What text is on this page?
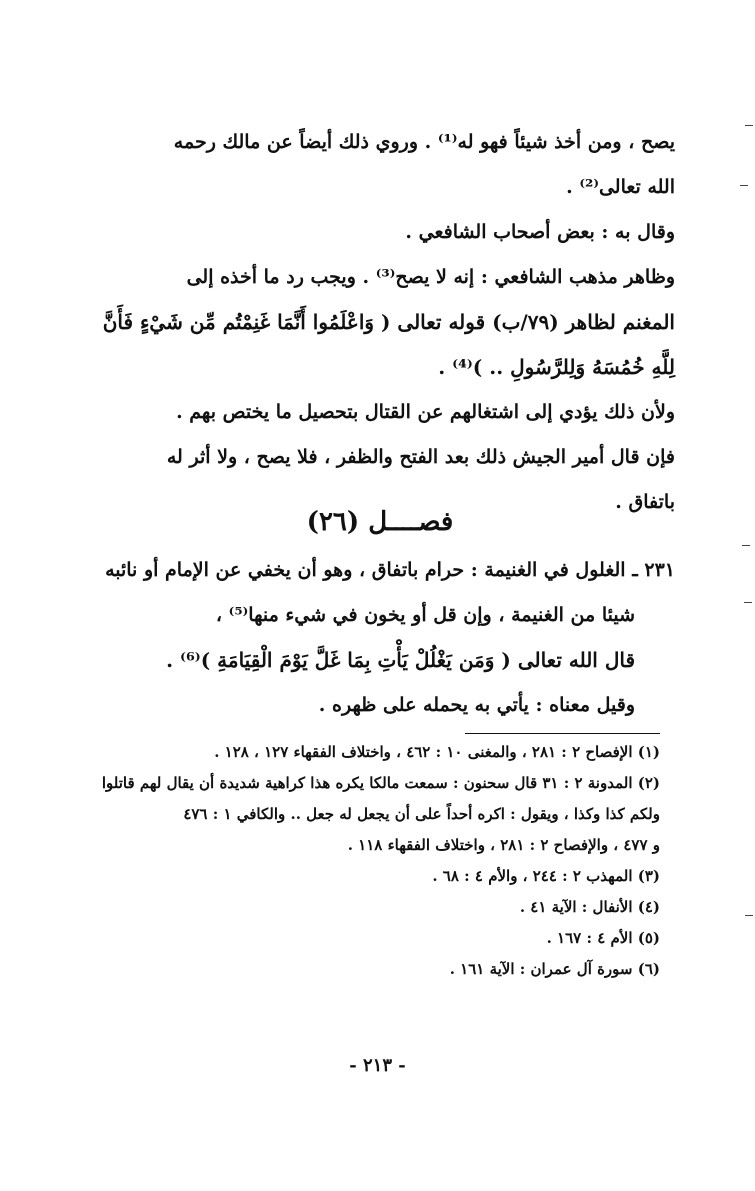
يصح ، ومن أخذ شيئاً فهو له⁽¹⁾ . وروي ذلك أيضاً عن مالك رحمه

الله تعالى⁽²⁾ .

وقال به : بعض أصحاب الشافعي .

وظاهر مذهب الشافعي : إنه لا يصح⁽³⁾ . ويجب رد ما أخذه إلى

المغنم لظاهر (٧٩/ب) قوله تعالى ( وَاعْلَمُوا أَنَّمَا غَنِمْتُم مِّن شَيْءٍ فَأَنَّ

لِلَّهِ خُمُسَهُ وَلِلرَّسُولِ .. )⁽⁴⁾ .

ولأن ذلك يؤدي إلى اشتغالهم عن القتال بتحصيل ما يختص بهم .

فإن قال أمير الجيش ذلك بعد الفتح والظفر ، فلا يصح ، ولا أثر له

باتفاق .

فصــــل (٢٦)

٢٣١ ـ الغلول في الغنيمة : حرام باتفاق ، وهو أن يخفي عن الإمام أو نائبه

شيئا من الغنيمة ، وإن قل أو يخون في شيء منها⁽⁵⁾ ،

قال الله تعالى ( وَمَن يَغْلُلْ يَأْتِ بِمَا غَلَّ يَوْمَ الْقِيَامَةِ )⁽⁶⁾ .

وقيل معناه : يأتي به يحمله على ظهره .

(١) الإفصاح ٢ : ٢٨١ ، والمغنى ١٠ : ٤٦٢ ، واختلاف الفقهاء ١٢٧ ، ١٢٨ .

(٢) المدونة ٢ : ٣١ قال سحنون : سمعت مالكا يكره هذا كراهية شديدة أن يقال لهم قاتلوا

ولكم كذا وكذا ، ويقول : اكره أحداً على أن يجعل له جعل .. والكافي ١ : ٤٧٦

و ٤٧٧ ، والإفصاح ٢ : ٢٨١ ، واختلاف الفقهاء ١١٨ .

(٣) المهذب ٢ : ٢٤٤ ، والأم ٤ : ٦٨ .

(٤) الأنفال : الآية ٤١ .

(٥) الأم ٤ : ١٦٧ .

(٦) سورة آل عمران : الآية ١٦١ .

- ٢١٣ -
